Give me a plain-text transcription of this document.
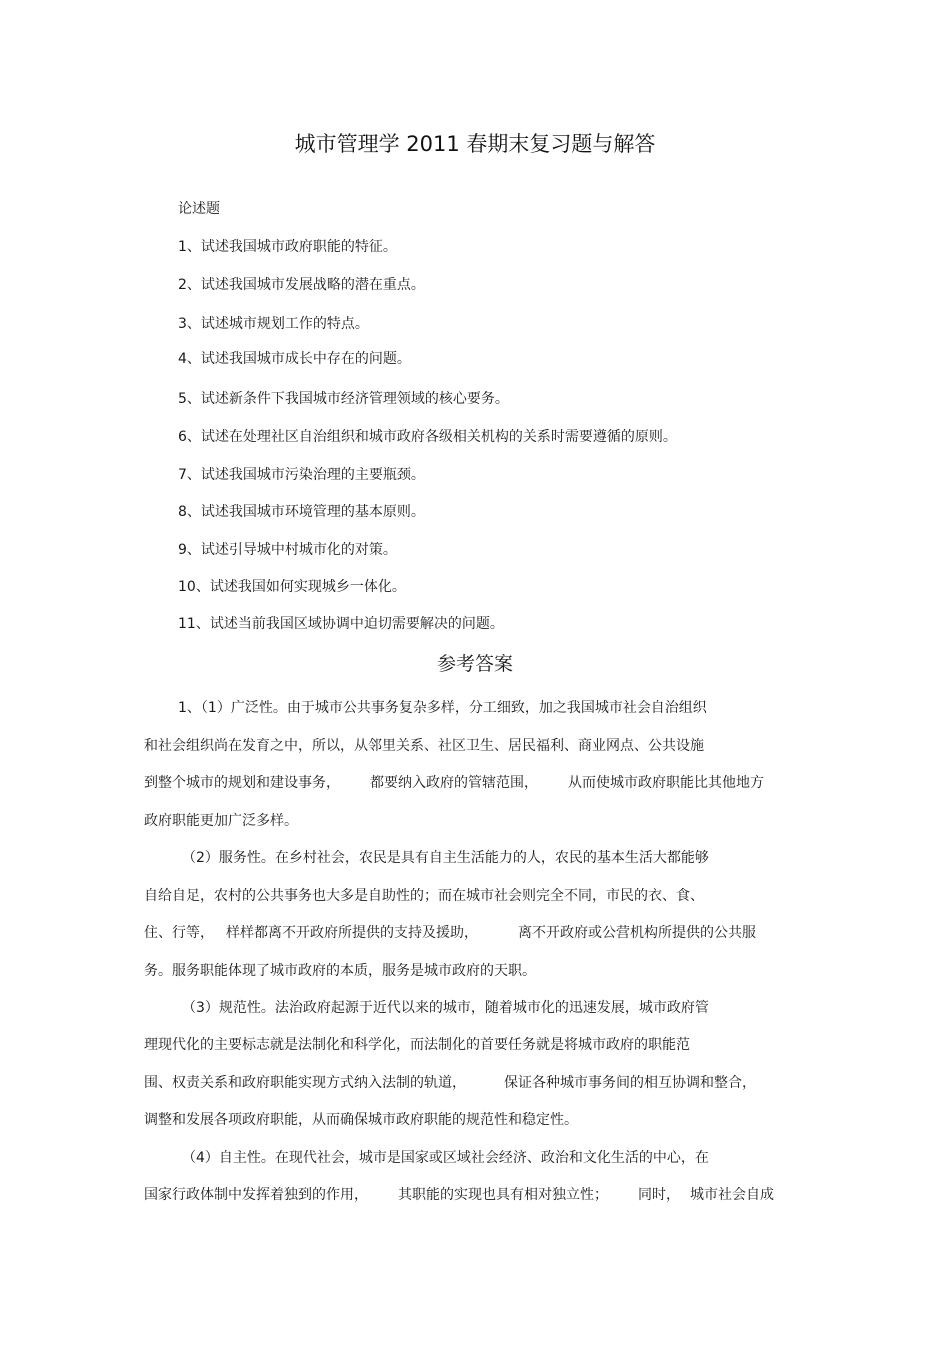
城市管理学 2011 春期末复习题与解答
论述题
1、试述我国城市政府职能的特征。
2、试述我国城市发展战略的潜在重点。
3、试述城市规划工作的特点。
4、试述我国城市成长中存在的问题。
5、试述新条件下我国城市经济管理领域的核心要务。
6、试述在处理社区自治组织和城市政府各级相关机构的关系时需要遵循的原则。
7、试述我国城市污染治理的主要瓶颈。
8、试述我国城市环境管理的基本原则。
9、试述引导城中村城市化的对策。
10、试述我国如何实现城乡一体化。
11、试述当前我国区域协调中迫切需要解决的问题。
参考答案
1、（1）广泛性。由于城市公共事务复杂多样，分工细致，加之我国城市社会自治组织
和社会组织尚在发育之中，所以，从邻里关系、社区卫生、居民福利、商业网点、公共设施
到整个城市的规划和建设事务， 都要纳入政府的管辖范围， 从而使城市政府职能比其他地方
政府职能更加广泛多样。
（2）服务性。在乡村社会，农民是具有自主生活能力的人，农民的基本生活大都能够
自给自足，农村的公共事务也大多是自助性的；而在城市社会则完全不同，市民的衣、食、
住、行等， 样样都离不开政府所提供的支持及援助，	离不开政府或公营机构所提供的公共服
务。服务职能体现了城市政府的本质，服务是城市政府的天职。
（3）规范性。法治政府起源于近代以来的城市，随着城市化的迅速发展，城市政府管
理现代化的主要标志就是法制化和科学化，而法制化的首要任务就是将城市政府的职能范
围、权责关系和政府职能实现方式纳入法制的轨道，	保证各种城市事务间的相互协调和整合，
调整和发展各项政府职能，从而确保城市政府职能的规范性和稳定性。
（4）自主性。在现代社会，城市是国家或区域社会经济、政治和文化生活的中心，在
国家行政体制中发挥着独到的作用， 其职能的实现也具有相对独立性； 同时， 城市社会自成
